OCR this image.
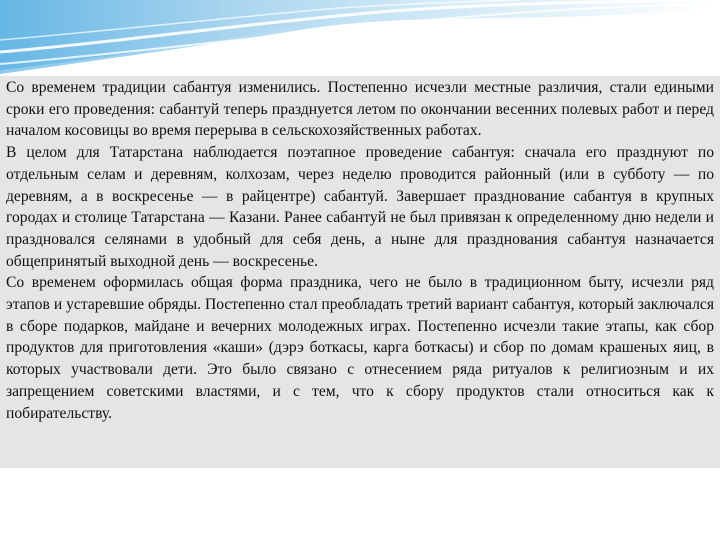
Со временем традиции сабантуя изменились. Постепенно исчезли местные различия, стали едиными сроки его проведения: сабантуй теперь празднуется летом по окончании весенних полевых работ и перед началом косовицы во время перерыва в сельскохозяйственных работах.

В целом для Татарстана наблюдается поэтапное проведение сабантуя: сначала его празднуют по отдельным селам и деревням, колхозам, через неделю проводится районный (или в субботу — по деревням, а в воскресенье — в райцентре) сабантуй. Завершает празднование сабантуя в крупных городах и столице Татарстана — Казани. Ранее сабантуй не был привязан к определенному дню недели и праздновался селянами в удобный для себя день, а ныне для празднования сабантуя назначается общепринятый выходной день — воскресенье.

Со временем оформилась общая форма праздника, чего не было в традиционном быту, исчезли ряд этапов и устаревшие обряды. Постепенно стал преобладать третий вариант сабантуя, который заключался в сборе подарков, майдане и вечерних молодежных играх. Постепенно исчезли такие этапы, как сбор продуктов для приготовления «каши» (дэрэ боткасы, карга боткасы) и сбор по домам крашеных яиц, в которых участвовали дети. Это было связано с отнесением ряда ритуалов к религиозным и их запрещением советскими властями, и с тем, что к сбору продуктов стали относиться как к побирательству.
